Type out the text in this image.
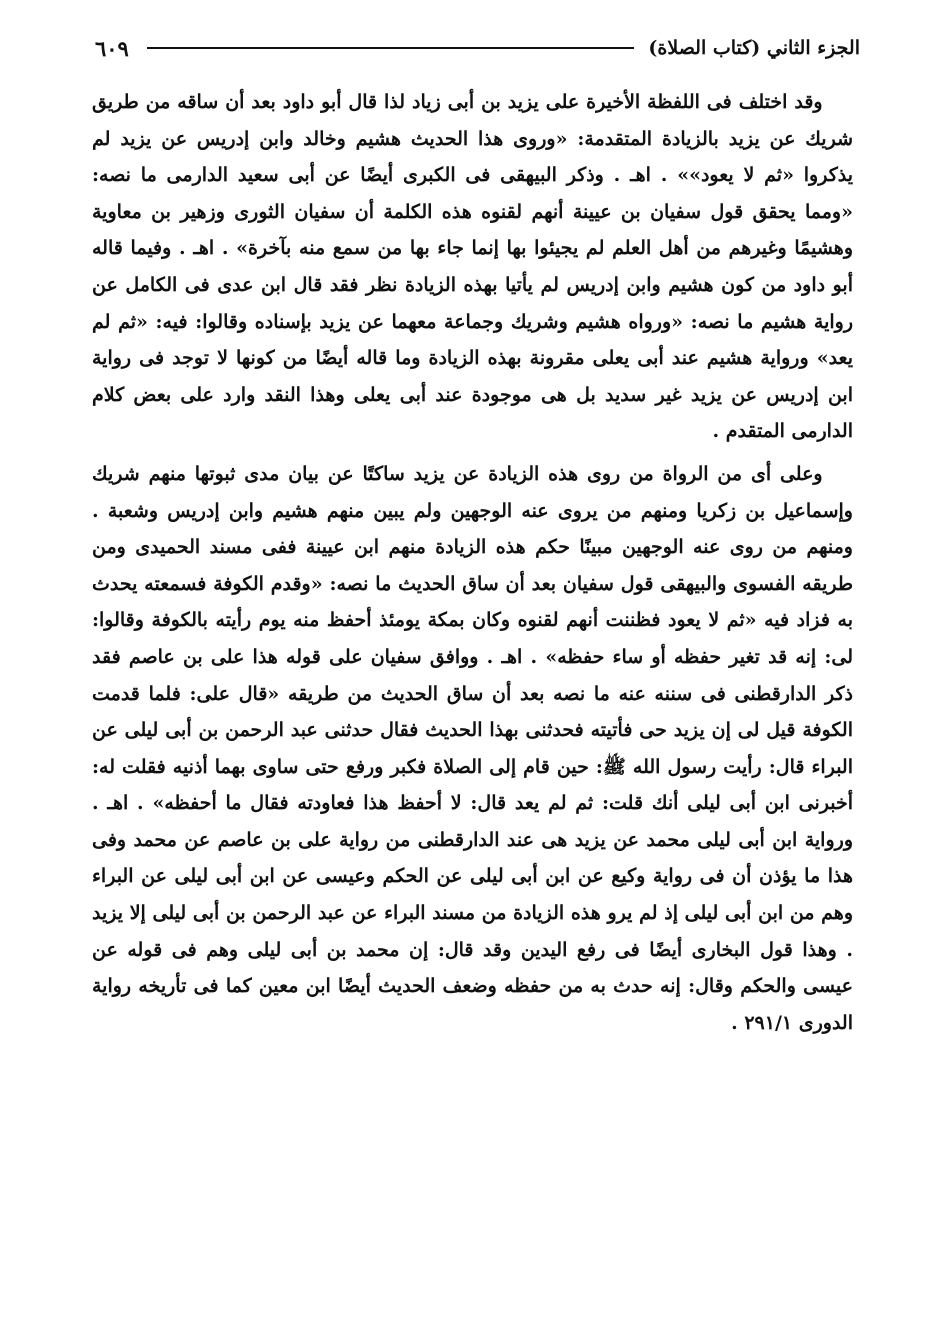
الجزء الثاني (كتاب الصلاة)
٦٠٩

وقد اختلف فى اللفظة الأخيرة على يزيد بن أبى زياد لذا قال أبو داود بعد أن ساقه من طريق شريك عن يزيد بالزيادة المتقدمة: «وروى هذا الحديث هشيم وخالد وابن إدريس عن يزيد لم يذكروا «ثم لا يعود»» . اهـ . وذكر البيهقى فى الكبرى أيضًا عن أبى سعيد الدارمى ما نصه: «ومما يحقق قول سفيان بن عيينة أنهم لقنوه هذه الكلمة أن سفيان الثورى وزهير بن معاوية وهشيمًا وغيرهم من أهل العلم لم يجيئوا بها إنما جاء بها من سمع منه بآخرة» . اهـ . وفيما قاله أبو داود من كون هشيم وابن إدريس لم يأتيا بهذه الزيادة نظر فقد قال ابن عدى فى الكامل عن رواية هشيم ما نصه: «ورواه هشيم وشريك وجماعة معهما عن يزيد بإسناده وقالوا: فيه: «ثم لم يعد» ورواية هشيم عند أبى يعلى مقرونة بهذه الزيادة وما قاله أيضًا من كونها لا توجد فى رواية ابن إدريس عن يزيد غير سديد بل هى موجودة عند أبى يعلى وهذا النقد وارد على بعض كلام الدارمى المتقدم .

وعلى أى من الرواة من روى هذه الزيادة عن يزيد ساكتًا عن بيان مدى ثبوتها منهم شريك وإسماعيل بن زكريا ومنهم من يروى عنه الوجهين ولم يبين منهم هشيم وابن إدريس وشعبة . ومنهم من روى عنه الوجهين مبينًا حكم هذه الزيادة منهم ابن عيينة ففى مسند الحميدى ومن طريقه الفسوى والبيهقى قول سفيان بعد أن ساق الحديث ما نصه: «وقدم الكوفة فسمعته يحدث به فزاد فيه «ثم لا يعود فظننت أنهم لقنوه وكان بمكة يومئذ أحفظ منه يوم رأيته بالكوفة وقالوا: لى: إنه قد تغير حفظه أو ساء حفظه» . اهـ . ووافق سفيان على قوله هذا على بن عاصم فقد ذكر الدارقطنى فى سننه عنه ما نصه بعد أن ساق الحديث من طريقه «قال على: فلما قدمت الكوفة قيل لى إن يزيد حى فأتيته فحدثنى بهذا الحديث فقال حدثنى عبد الرحمن بن أبى ليلى عن البراء قال: رأيت رسول الله ﷺ: حين قام إلى الصلاة فكبر ورفع حتى ساوى بهما أذنيه فقلت له: أخبرنى ابن أبى ليلى أنك قلت: ثم لم يعد قال: لا أحفظ هذا فعاودته فقال ما أحفظه» . اهـ . ورواية ابن أبى ليلى محمد عن يزيد هى عند الدارقطنى من رواية على بن عاصم عن محمد وفى هذا ما يؤذن أن فى رواية وكيع عن ابن أبى ليلى عن الحكم وعيسى عن ابن أبى ليلى عن البراء وهم من ابن أبى ليلى إذ لم يرو هذه الزيادة من مسند البراء عن عبد الرحمن بن أبى ليلى إلا يزيد . وهذا قول البخارى أيضًا فى رفع اليدين وقد قال: إن محمد بن أبى ليلى وهم فى قوله عن عيسى والحكم وقال: إنه حدث به من حفظه وضعف الحديث أيضًا ابن معين كما فى تأريخه رواية الدورى ٢٩١/١ .
